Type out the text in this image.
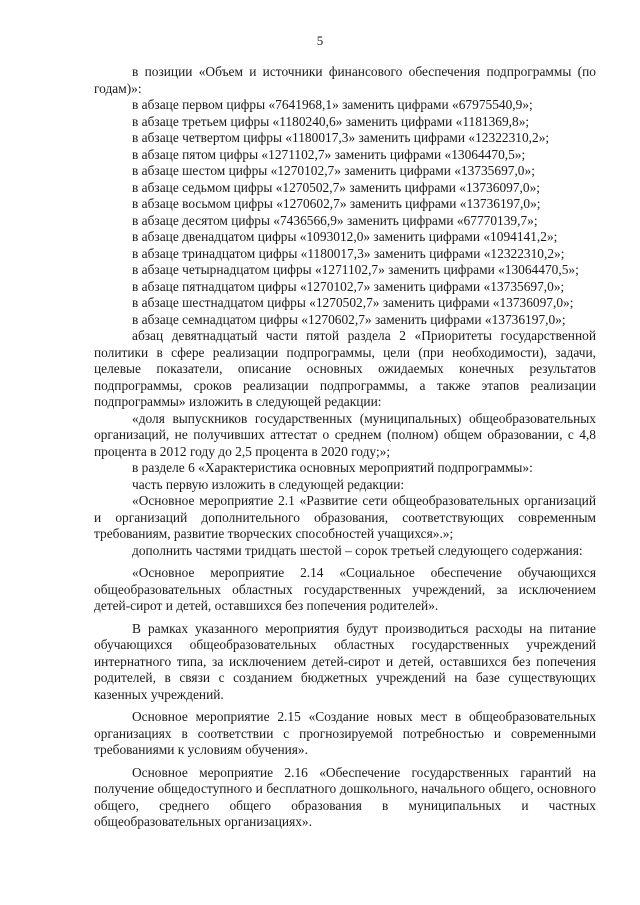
5

в позиции «Объем и источники финансового обеспечения подпрограммы (по годам)»:

в абзаце первом цифры «7641968,1» заменить цифрами «67975540,9»;

в абзаце третьем цифры «1180240,6» заменить цифрами «1181369,8»;

в абзаце четвертом цифры «1180017,3» заменить цифрами «12322310,2»;

в абзаце пятом цифры «1271102,7» заменить цифрами «13064470,5»;

в абзаце шестом цифры «1270102,7» заменить цифрами «13735697,0»;

в абзаце седьмом цифры «1270502,7» заменить цифрами «13736097,0»;

в абзаце восьмом цифры «1270602,7» заменить цифрами «13736197,0»;

в абзаце десятом цифры «7436566,9» заменить цифрами «67770139,7»;

в абзаце двенадцатом цифры «1093012,0» заменить цифрами «1094141,2»;

в абзаце тринадцатом цифры «1180017,3» заменить цифрами «12322310,2»;

в абзаце четырнадцатом цифры «1271102,7» заменить цифрами «13064470,5»;

в абзаце пятнадцатом цифры «1270102,7» заменить цифрами «13735697,0»;

в абзаце шестнадцатом цифры «1270502,7» заменить цифрами «13736097,0»;

в абзаце семнадцатом цифры «1270602,7» заменить цифрами «13736197,0»;

абзац девятнадцатый части пятой раздела 2 «Приоритеты государственной политики в сфере реализации подпрограммы, цели (при необходимости), задачи, целевые показатели, описание основных ожидаемых конечных результатов подпрограммы, сроков реализации подпрограммы, а также этапов реализации подпрограммы» изложить в следующей редакции:

«доля выпускников государственных (муниципальных) общеобразовательных организаций, не получивших аттестат о среднем (полном) общем образовании, с 4,8 процента в 2012 году до 2,5 процента в 2020 году;»;

в разделе 6 «Характеристика основных мероприятий подпрограммы»:

часть первую изложить в следующей редакции:

«Основное мероприятие 2.1 «Развитие сети общеобразовательных организаций и организаций дополнительного образования, соответствующих современным требованиям, развитие творческих способностей учащихся».»;

дополнить частями тридцать шестой – сорок третьей следующего содержания:

«Основное мероприятие 2.14 «Социальное обеспечение обучающихся общеобразовательных областных государственных учреждений, за исключением детей-сирот и детей, оставшихся без попечения родителей».

В рамках указанного мероприятия будут производиться расходы на питание обучающихся общеобразовательных областных государственных учреждений интернатного типа, за исключением детей-сирот и детей, оставшихся без попечения родителей, в связи с созданием бюджетных учреждений на базе существующих казенных учреждений.

Основное мероприятие 2.15 «Создание новых мест в общеобразовательных организациях в соответствии с прогнозируемой потребностью и современными требованиями к условиям обучения».

Основное мероприятие 2.16 «Обеспечение государственных гарантий на получение общедоступного и бесплатного дошкольного, начального общего, основного общего, среднего общего образования в муниципальных и частных общеобразовательных организациях».
